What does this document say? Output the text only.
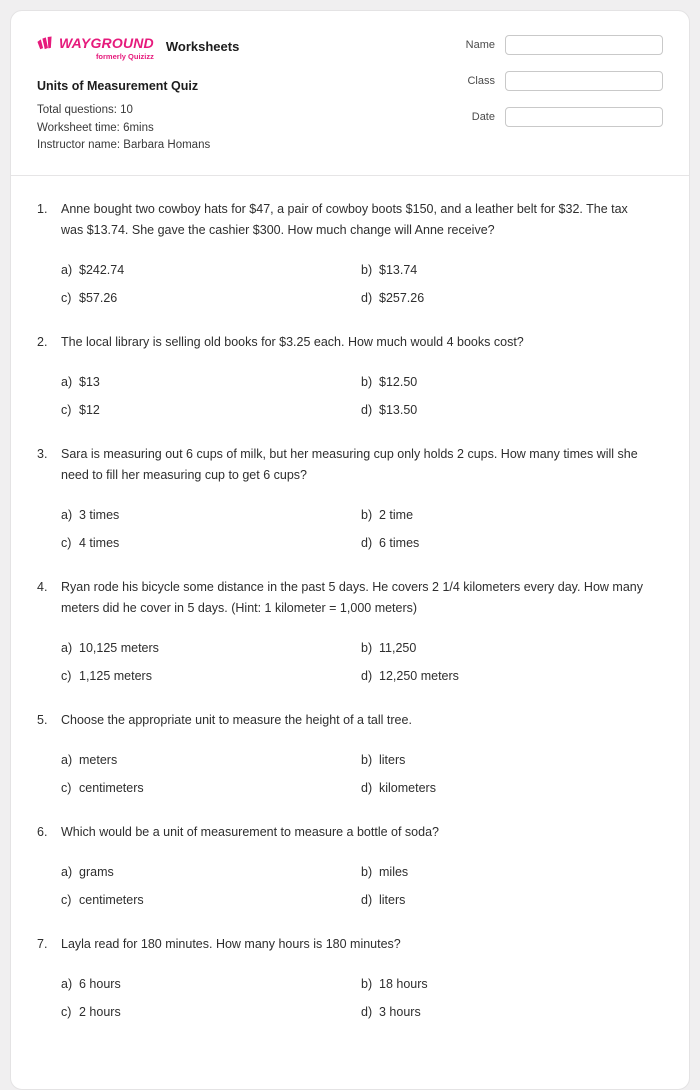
WAYGROUND
formerly Quizizz
Worksheets
Units of Measurement Quiz
Total questions: 10
Worksheet time: 6mins
Instructor name: Barbara Homans
Name
Class
Date
1.	Anne bought two cowboy hats for $47, a pair of cowboy boots $150, and a leather belt for $32. The tax was $13.74. She gave the cashier $300. How much change will Anne receive?
a) $242.74	b) $13.74
c) $57.26	d) $257.26
2.	The local library is selling old books for $3.25 each. How much would 4 books cost?
a) $13	b) $12.50
c) $12	d) $13.50
3.	Sara is measuring out 6 cups of milk, but her measuring cup only holds 2 cups. How many times will she need to fill her measuring cup to get 6 cups?
a) 3 times	b) 2 time
c) 4 times	d) 6 times
4.	Ryan rode his bicycle some distance in the past 5 days. He covers 2 1/4 kilometers every day. How many meters did he cover in 5 days. (Hint: 1 kilometer = 1,000 meters)
a) 10,125 meters	b) 11,250
c) 1,125 meters	d) 12,250 meters
5.	Choose the appropriate unit to measure the height of a tall tree.
a) meters	b) liters
c) centimeters	d) kilometers
6.	Which would be a unit of measurement to measure a bottle of soda?
a) grams	b) miles
c) centimeters	d) liters
7.	Layla read for 180 minutes. How many hours is 180 minutes?
a) 6 hours	b) 18 hours
c) 2 hours	d) 3 hours
